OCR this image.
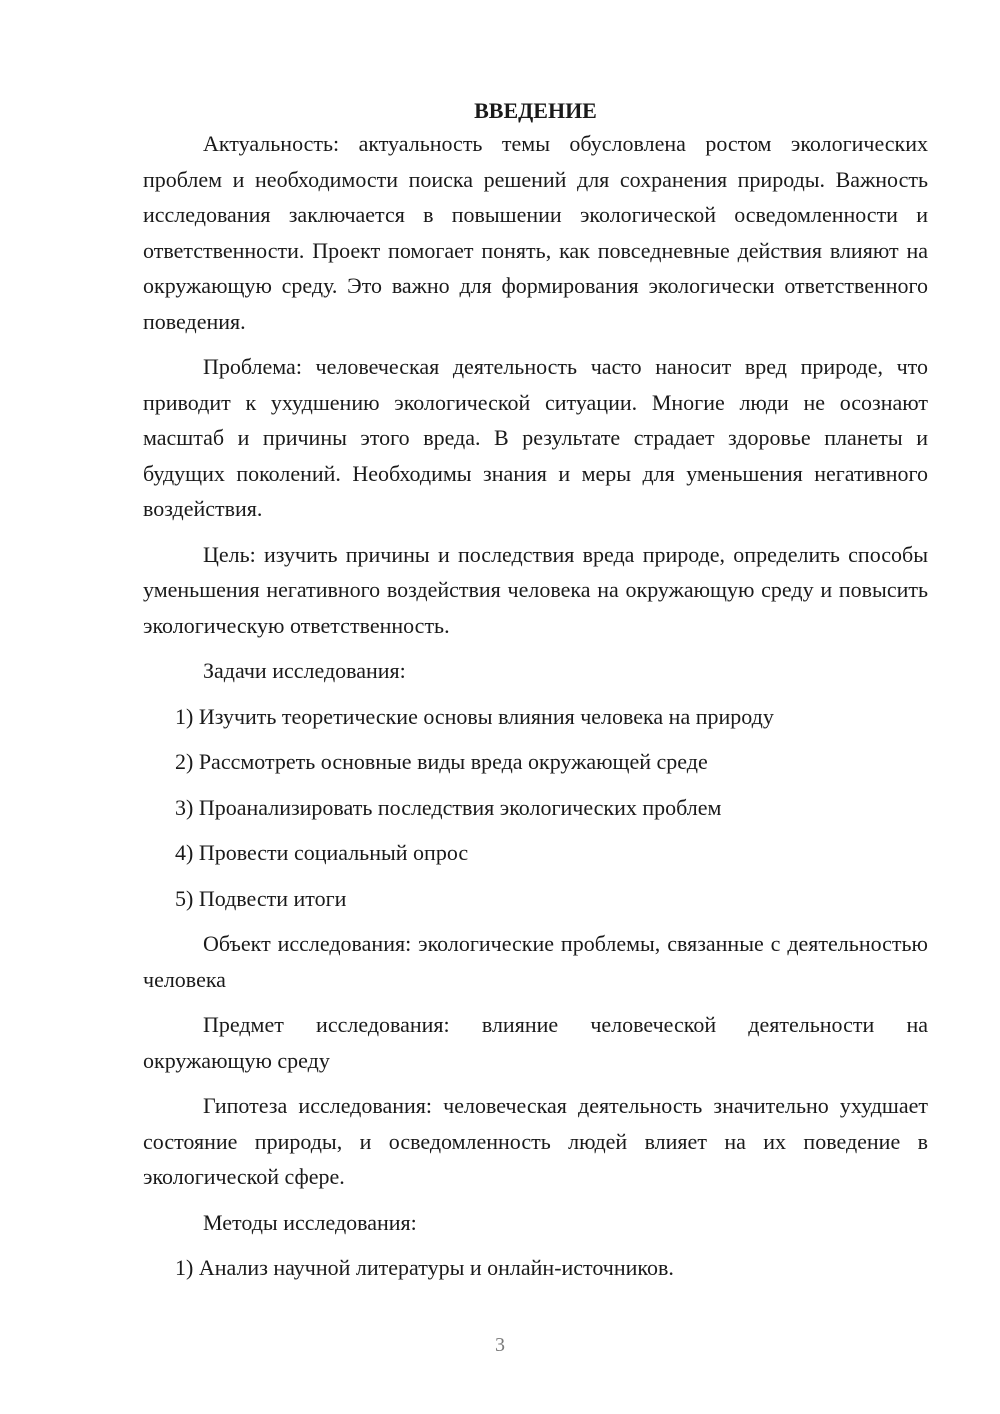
ВВЕДЕНИЕ

Актуальность: актуальность темы обусловлена ростом экологических проблем и необходимости поиска решений для сохранения природы. Важность исследования заключается в повышении экологической осведомленности и ответственности. Проект помогает понять, как повседневные действия влияют на окружающую среду. Это важно для формирования экологически ответственного поведения.

Проблема: человеческая деятельность часто наносит вред природе, что приводит к ухудшению экологической ситуации. Многие люди не осознают масштаб и причины этого вреда. В результате страдает здоровье планеты и будущих поколений. Необходимы знания и меры для уменьшения негативного воздействия.

Цель: изучить причины и последствия вреда природе, определить способы уменьшения негативного воздействия человека на окружающую среду и повысить экологическую ответственность.

Задачи исследования:

1) Изучить теоретические основы влияния человека на природу

2) Рассмотреть основные виды вреда окружающей среде

3) Проанализировать последствия экологических проблем

4) Провести социальный опрос

5) Подвести итоги

Объект исследования: экологические проблемы, связанные с деятельностью человека

Предмет исследования: влияние человеческой деятельности на окружающую среду

Гипотеза исследования: человеческая деятельность значительно ухудшает состояние природы, и осведомленность людей влияет на их поведение в экологической сфере.

Методы исследования:

1) Анализ научной литературы и онлайн-источников.

3
